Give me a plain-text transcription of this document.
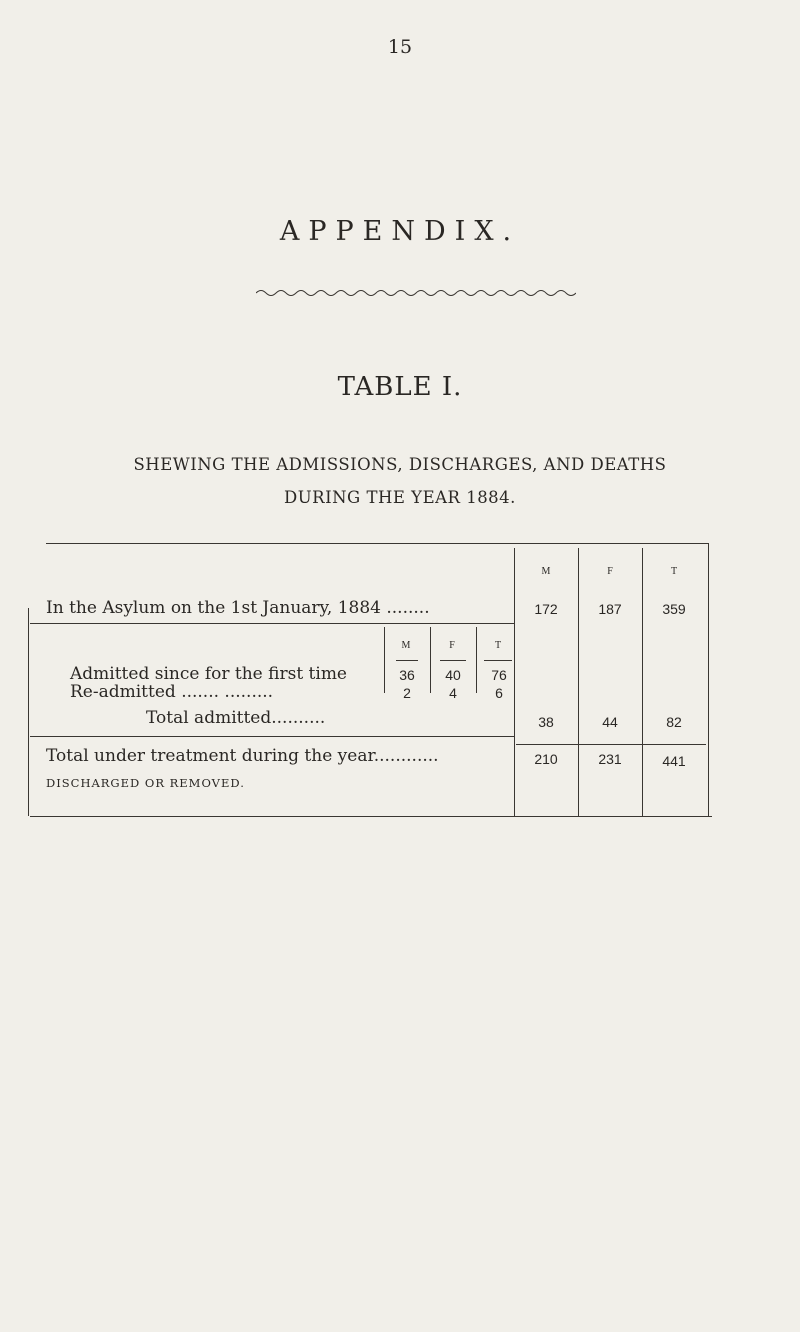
15
APPENDIX.
TABLE I.
SHEWING THE ADMISSIONS, DISCHARGES, AND DEATHS
DURING THE YEAR 1884.
M	F	T
In the Asylum on the 1st January, 1884 ........	172	187	359
M	F	T
Admitted since for the first time	36	40	76
Re-admitted ....... .........	2	4	6
Total admitted..........	38	44	82
Total under treatment during the year............	210	231	441
DISCHARGED OR REMOVED.
